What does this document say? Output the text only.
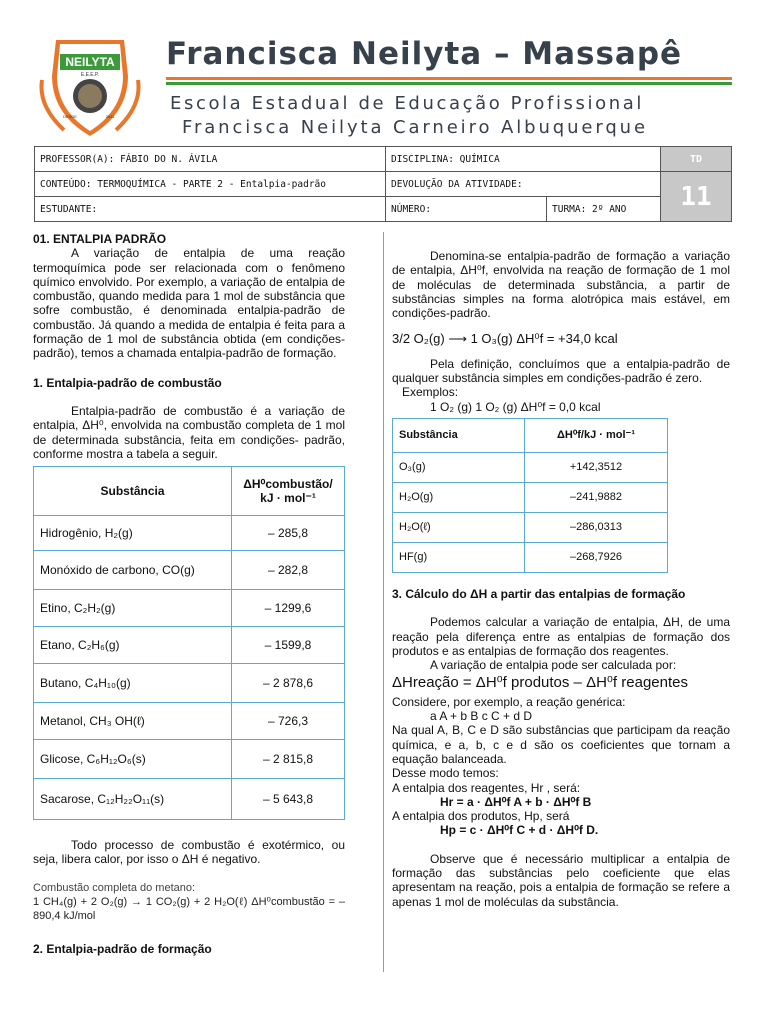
NEILYTA
E.E.E.P.
DESDE	2011
Francisca Neilyta – Massapê
Escola Estadual de Educação Profissional
Francisca Neilyta Carneiro Albuquerque
PROFESSOR(A): FÁBIO DO N. ÁVILA	DISCIPLINA: QUÍMICA		TD
CONTEÚDO: TERMOQUÍMICA - PARTE 2 - Entalpia-padrão	DEVOLUÇÃO DA ATIVIDADE:		11
ESTUDANTE:	NÚMERO:	TURMA: 2º ANO	

01. ENTALPIA PADRÃO

A variação de entalpia de uma reação termoquímica pode ser relacionada com o fenômeno químico envolvido. Por exemplo, a variação de entalpia de combustão, quando medida para 1 mol de substância que sofre combustão, é denominada entalpia-padrão de combustão. Já quando a medida de entalpia é feita para a formação de 1 mol de substância obtida (em condições-padrão), temos a chamada entalpia-padrão de formação.

1. Entalpia-padrão de combustão

Entalpia-padrão de combustão é a variação de entalpia, ΔH⁰, envolvida na combustão completa de 1 mol de determinada substância, feita em condições- padrão, conforme mostra a tabela a seguir.

Substância	ΔH⁰combustão/ kJ · mol⁻¹
Hidrogênio, H₂(g)	– 285,8
Monóxido de carbono, CO(g)	– 282,8
Etino, C₂H₂(g)	– 1299,6
Etano, C₂H₆(g)	– 1599,8
Butano, C₄H₁₀(g)	– 2 878,6
Metanol, CH₃ OH(ℓ)	– 726,3
Glicose, C₆H₁₂O₆(s)	– 2 815,8
Sacarose, C₁₂H₂₂O₁₁(s)	– 5 643,8

Todo processo de combustão é exotérmico, ou seja, libera calor, por isso o ΔH é negativo.

Combustão completa do metano:

1 CH₄(g) + 2 O₂(g) → 1 CO₂(g) + 2 H₂O(ℓ) ΔH⁰combustão = –890,4 kJ/mol

2. Entalpia-padrão de formação

Denomina-se entalpia-padrão de formação a variação de entalpia, ΔH⁰f, envolvida na reação de formação de 1 mol de moléculas de determinada substância, a partir de substâncias simples na forma alotrópica mais estável, em condições-padrão.

3/2 O₂(g) ⟶ 1 O₃(g) ΔH⁰f = +34,0 kcal

Pela definição, concluímos que a entalpia-padrão de qualquer substância simples em condições-padrão é zero.

Exemplos:

1 O₂ (g) 1 O₂ (g) ΔH⁰f = 0,0 kcal

Substância	ΔH⁰f/kJ · mol⁻¹
O₃(g)	+142,3512
H₂O(g)	–241,9882
H₂O(ℓ)	–286,0313
HF(g)	–268,7926

3. Cálculo do ΔH a partir das entalpias de formação

Podemos calcular a variação de entalpia, ΔH, de uma reação pela diferença entre as entalpias de formação dos produtos e as entalpias de formação dos reagentes.

A variação de entalpia pode ser calculada por:

ΔHreação = ΔH⁰f produtos – ΔH⁰f reagentes

Considere, por exemplo, a reação genérica:

a A + b B c C + d D

Na qual A, B, C e D são substâncias que participam da reação química, e a, b, c e d são os coeficientes que tornam a equação balanceada.

Desse modo temos:

A entalpia dos reagentes, Hr , será:

Hr = a · ΔH⁰f A + b · ΔH⁰f B

A entalpia dos produtos, Hp, será

Hp = c · ΔH⁰f C + d · ΔH⁰f D.

Observe que é necessário multiplicar a entalpia de formação das substâncias pelo coeficiente que elas apresentam na reação, pois a entalpia de formação se refere a apenas 1 mol de moléculas da substância.
